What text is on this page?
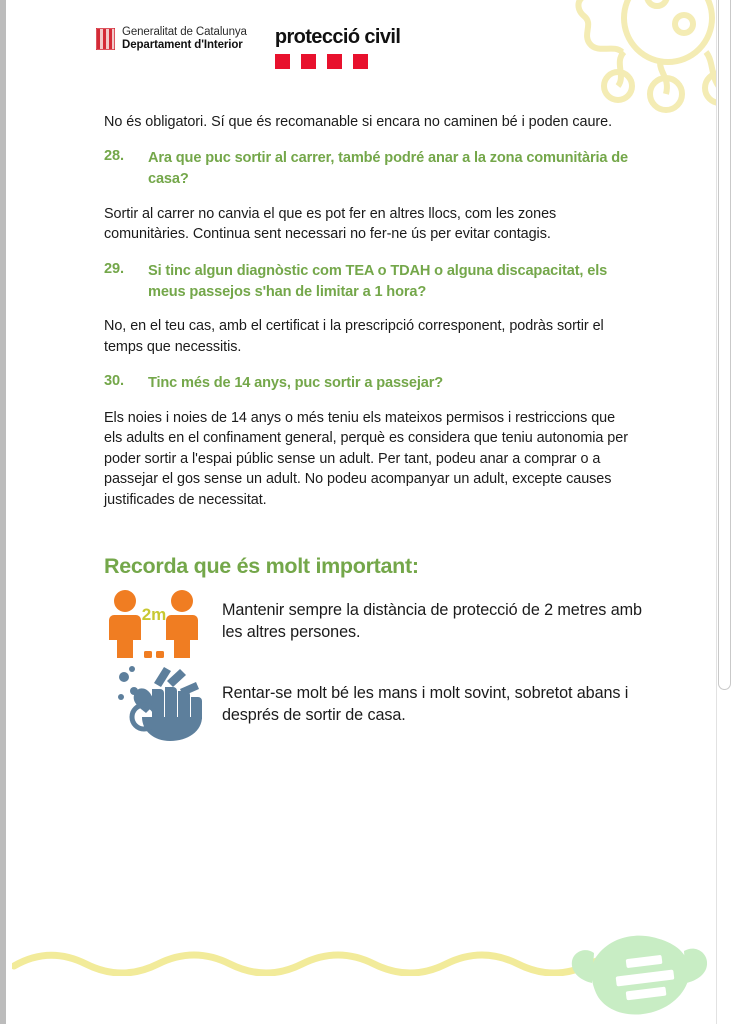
Generalitat de Catalunya
Departament d'Interior protecció civil

No és obligatori. Sí que és recomanable si encara no caminen bé i poden caure.

28.	Ara que puc sortir al carrer, també podré anar a la zona comunitària de casa?

Sortir al carrer no canvia el que es pot fer en altres llocs, com les zones comunitàries. Continua sent necessari no fer-ne ús per evitar contagis.

29.	Si tinc algun diagnòstic com TEA o TDAH o alguna discapacitat, els meus passejos s'han de limitar a 1 hora?

No, en el teu cas, amb el certificat i la prescripció corresponent, podràs sortir el temps que necessitis.

30.	Tinc més de 14 anys, puc sortir a passejar?

Els noies i noies de 14 anys o més teniu els mateixos permisos i restriccions que els adults en el confinament general, perquè es considera que teniu autonomia per poder sortir a l'espai públic sense un adult. Per tant, podeu anar a comprar o a passejar el gos sense un adult. No podeu acompanyar un adult, excepte causes justificades de necessitat.

Recorda que és molt important:
2m	Mantenir sempre la distància de protecció de 2 metres amb les altres persones.

Rentar-se molt bé les mans i molt sovint, sobretot abans i després de sortir de casa.
